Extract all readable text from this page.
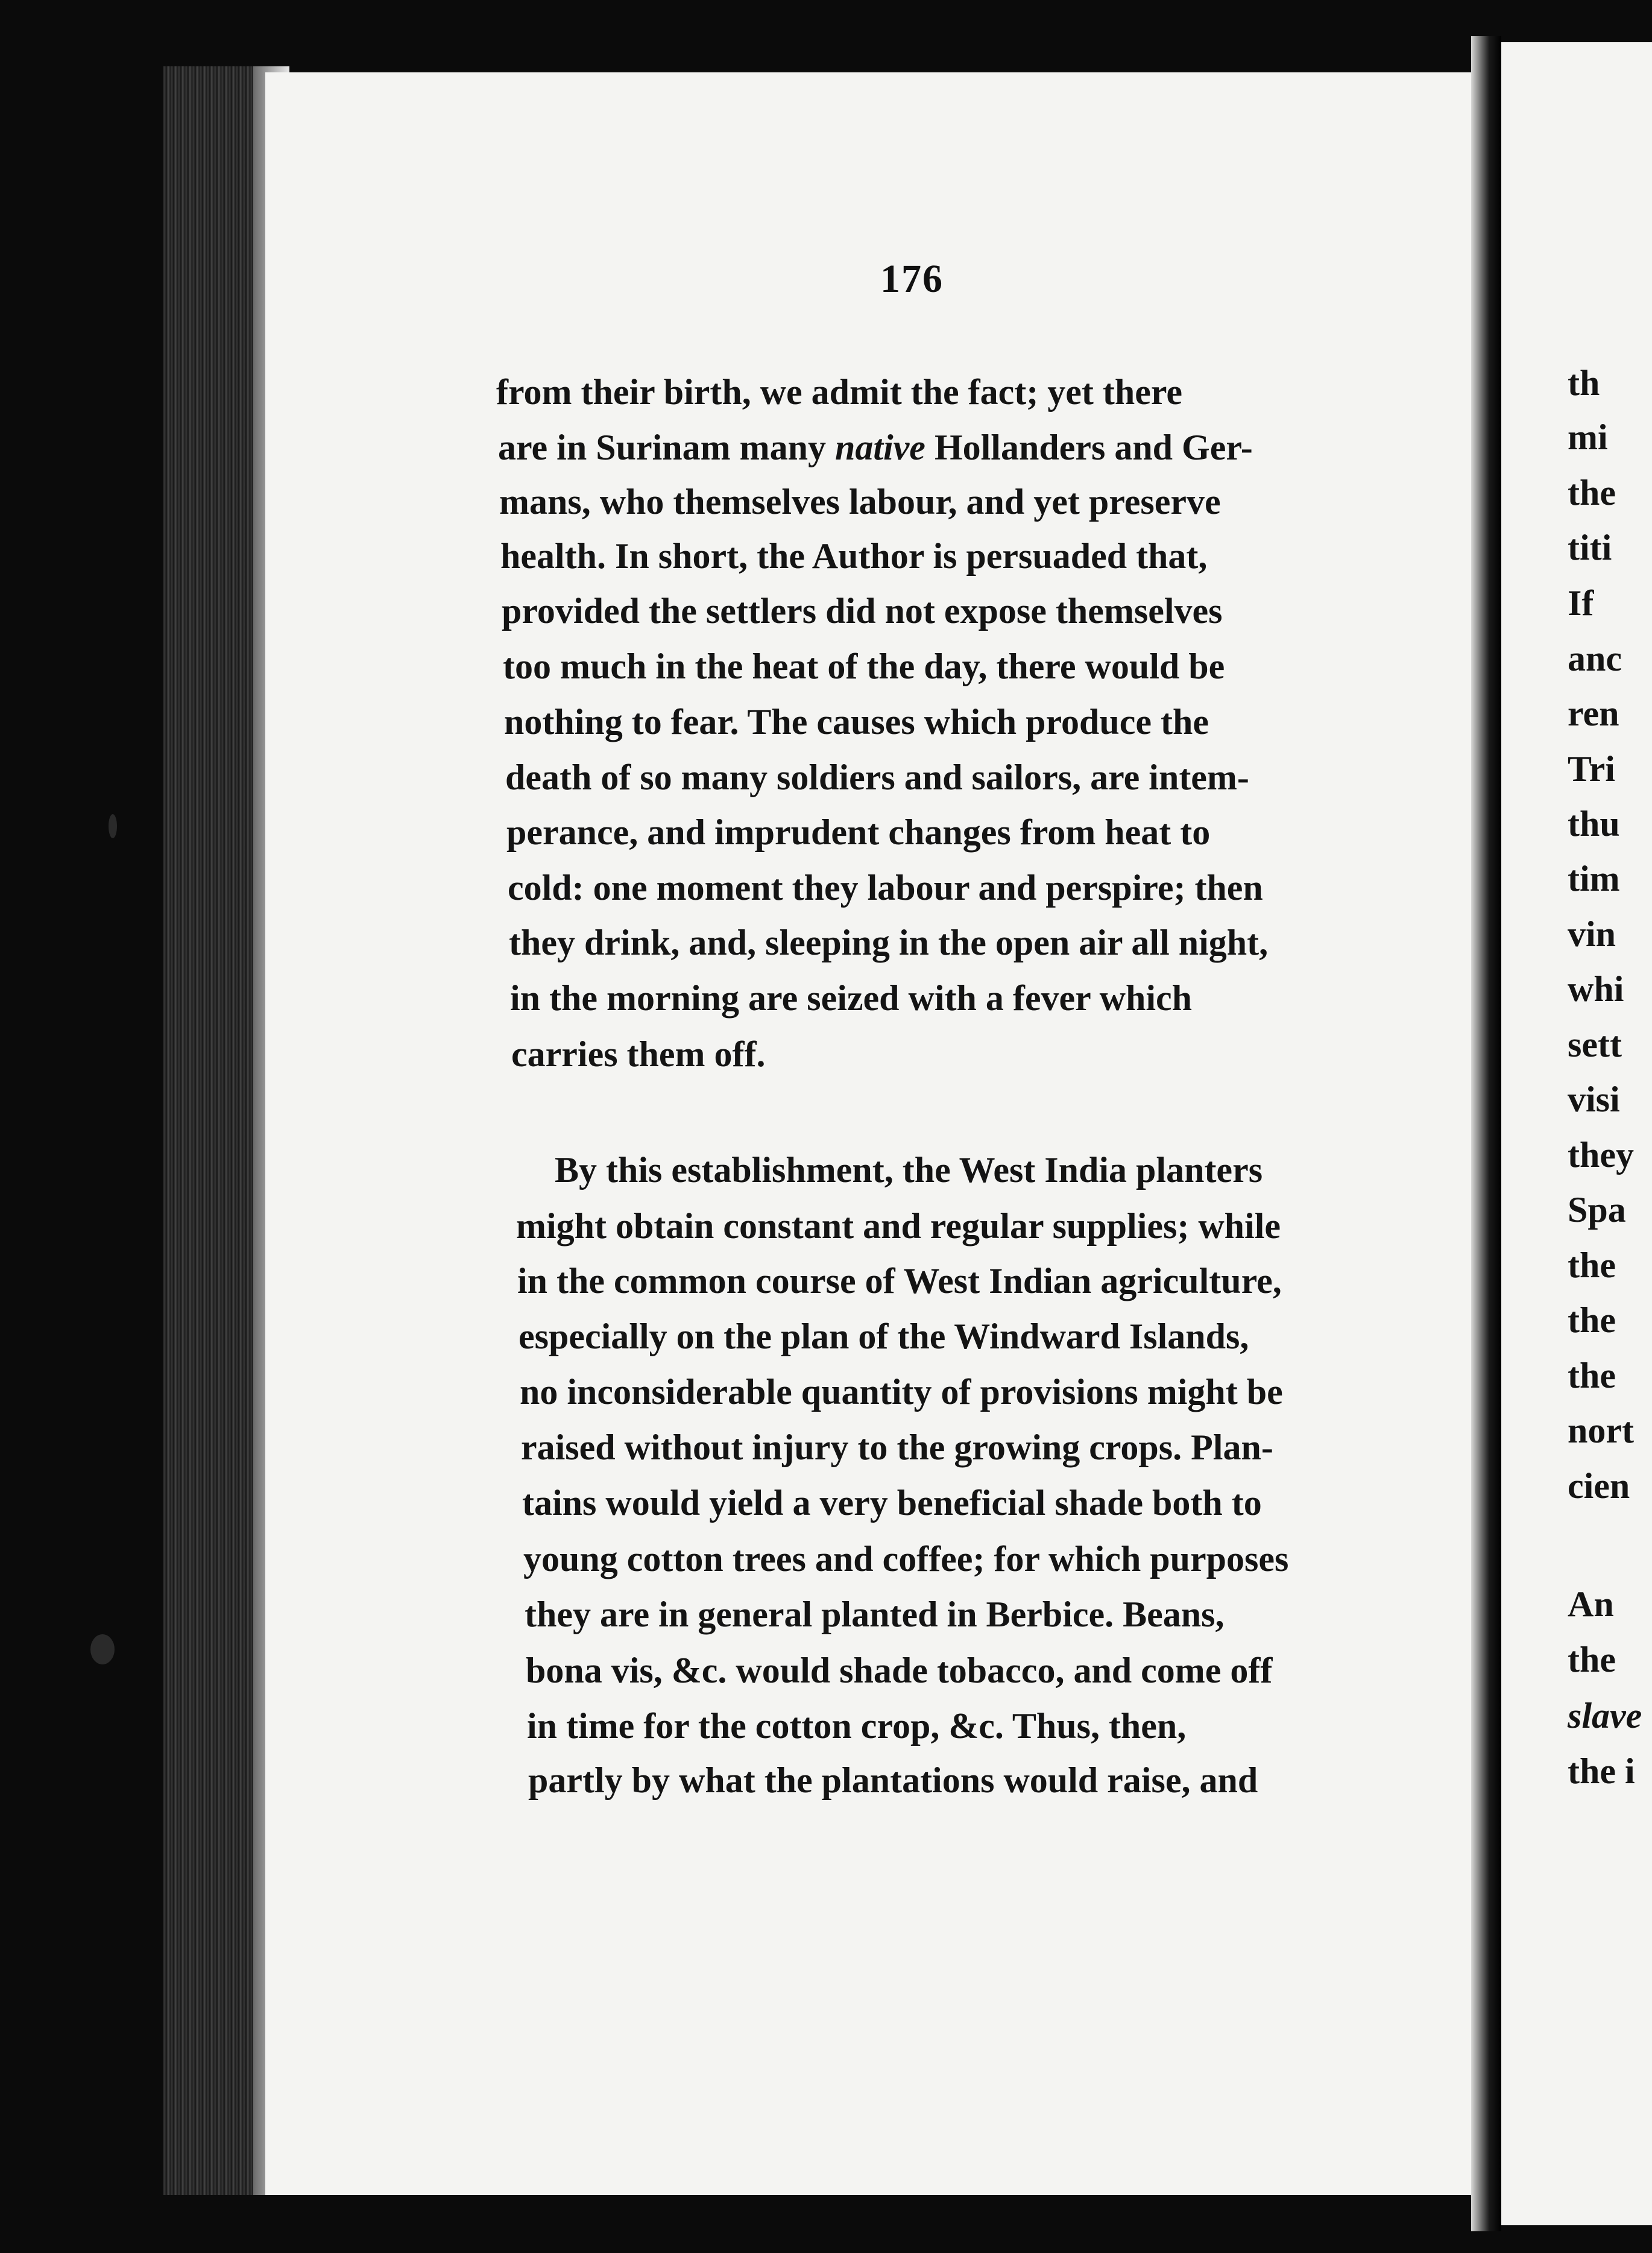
176
from their birth, we admit the fact; yet there
are in Surinam many native Hollanders and Ger-
mans, who themselves labour, and yet preserve
health. In short, the Author is persuaded that,
provided the settlers did not expose themselves
too much in the heat of the day, there would be
nothing to fear. The causes which produce the
death of so many soldiers and sailors, are intem-
perance, and imprudent changes from heat to
cold: one moment they labour and perspire; then
they drink, and, sleeping in the open air all night,
in the morning are seized with a fever which
carries them off.
By this establishment, the West India planters
might obtain constant and regular supplies; while
in the common course of West Indian agriculture,
especially on the plan of the Windward Islands,
no inconsiderable quantity of provisions might be
raised without injury to the growing crops. Plan-
tains would yield a very beneficial shade both to
young cotton trees and coffee; for which purposes
they are in general planted in Berbice. Beans,
bona vis, &c. would shade tobacco, and come off
in time for the cotton crop, &c. Thus, then,
partly by what the plantations would raise, and
th
mi
the
titi
If
anc
ren
Tri
thu
tim
vin
whi
sett
visi
they
Spa
the
the
the
nort
cien
An
the
slave
the i
